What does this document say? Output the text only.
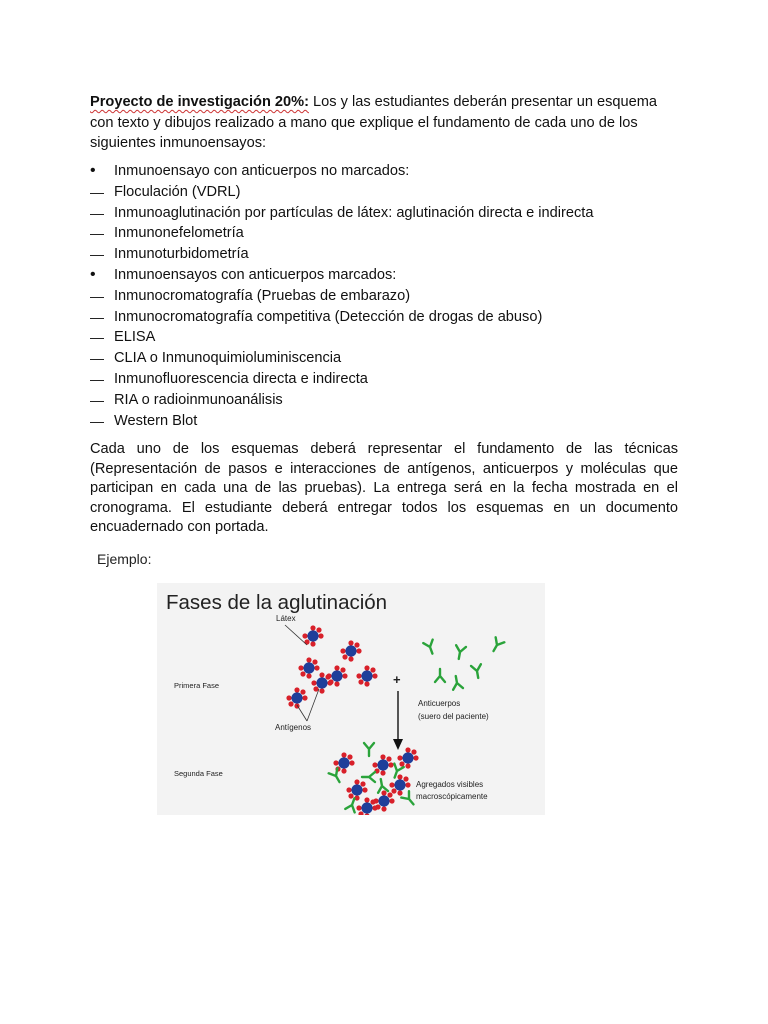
Proyecto de investigación 20%: Los y las estudiantes deberán presentar un esquema con texto y dibujos realizado a mano que explique el fundamento de cada uno de los siguientes inmunoensayos:

•
Inmunoensayo con anticuerpos no marcados:
—
Floculación (VDRL)
—
Inmunoaglutinación por partículas de látex: aglutinación directa e indirecta
—
Inmunonefelometría
—
Inmunoturbidometría
•
Inmunoensayos con anticuerpos marcados:
—
Inmunocromatografía (Pruebas de embarazo)
—
Inmunocromatografía competitiva (Detección de drogas de abuso)
—
ELISA
—
CLIA o Inmunoquimioluminiscencia
—
Inmunofluorescencia directa e indirecta
—
RIA o radioinmunoanálisis
—
Western Blot

Cada uno de los esquemas deberá representar el fundamento de las técnicas (Representación de pasos e interacciones de antígenos, anticuerpos y moléculas que participan en cada una de las pruebas). La entrega será en la fecha mostrada en el cronograma. El estudiante deberá entregar todos los esquemas en un documento encuadernado con portada.

Ejemplo:
Fases de la aglutinación
Primera Fase
Segunda Fase
Látex
Antígenos
Anticuerpos
(suero del paciente)
Agregados visibles
macroscópicamente
+
